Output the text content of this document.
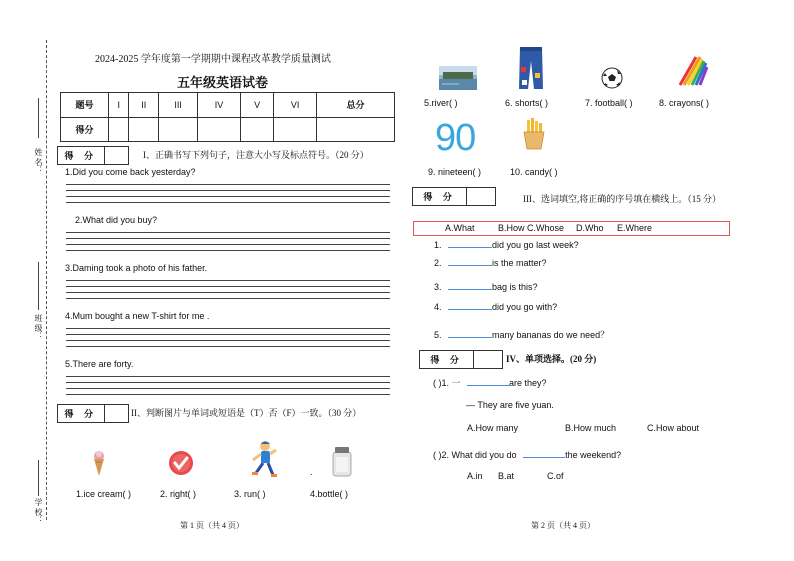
姓 名：
班 级：
学 校：
2024-2025 学年度第一学期期中课程改革教学质量测试
五年级英语试卷
题号	I	II	III	IV	V	VI	总分
得分							
得 分	I、正确书写下列句子，注意大小写及标点符号。（20 分）
1.Did you come back yesterday?
2.What did you buy?
3.Daming took a photo of his father.
4.Mum bought a new T-shirt for me .
5.There are forty.
得 分	II、判断图片与单词或短语是（T）否（F）一致。（30 分）
.
1.ice cream( )	2. right( )	3. run( )	4.bottle( )
5.river( )	6. shorts( )	7. football( )	8. crayons( )
90
9. nineteen( )	10. candy( )
得 分	III、选词填空,将正确的序号填在横线上。（15 分）
A.What	B.How C.Whose D.Who E.Where
1.	did you go last week?
2.	is the matter?
3.	bag is this?
4.	did you go with?
5.	many bananas do we need？
得 分	IV、单项选择。(20 分)
( )1. 一	are they?
— They are five yuan.
A.How many	B.How much	C.How about
( )2. What did you do	the weekend?
A.in B.at	C.of
第 1 页（共 4 页）	第 2 页（共 4 页）
